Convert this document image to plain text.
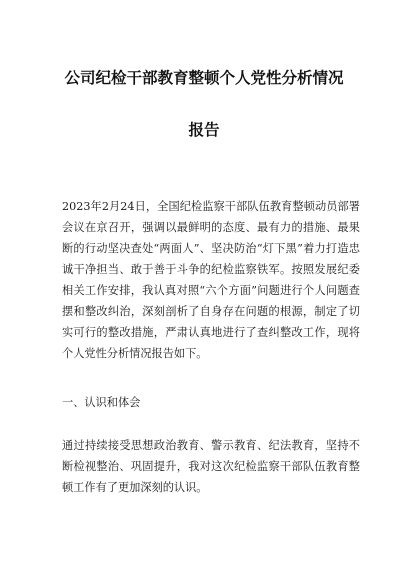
公司纪检干部教育整顿个人党性分析情况
报告

2023年2月24日，全国纪检监察干部队伍教育整顿动员部署会议在京召开，强调以最鲜明的态度、最有力的措施、最果断的行动坚决查处“两面人”、坚决防治“灯下黑”着力打造忠诚干净担当、敢于善于斗争的纪检监察铁军。按照发展纪委相关工作安排，我认真对照“六个方面”问题进行个人问题查摆和整改纠治，深刻剖析了自身存在问题的根源，制定了切实可行的整改措施，严肃认真地进行了查纠整改工作，现将个人党性分析情况报告如下。

一、认识和体会

通过持续接受思想政治教育、警示教育、纪法教育，坚持不断检视整治、巩固提升，我对这次纪检监察干部队伍教育整顿工作有了更加深刻的认识。
